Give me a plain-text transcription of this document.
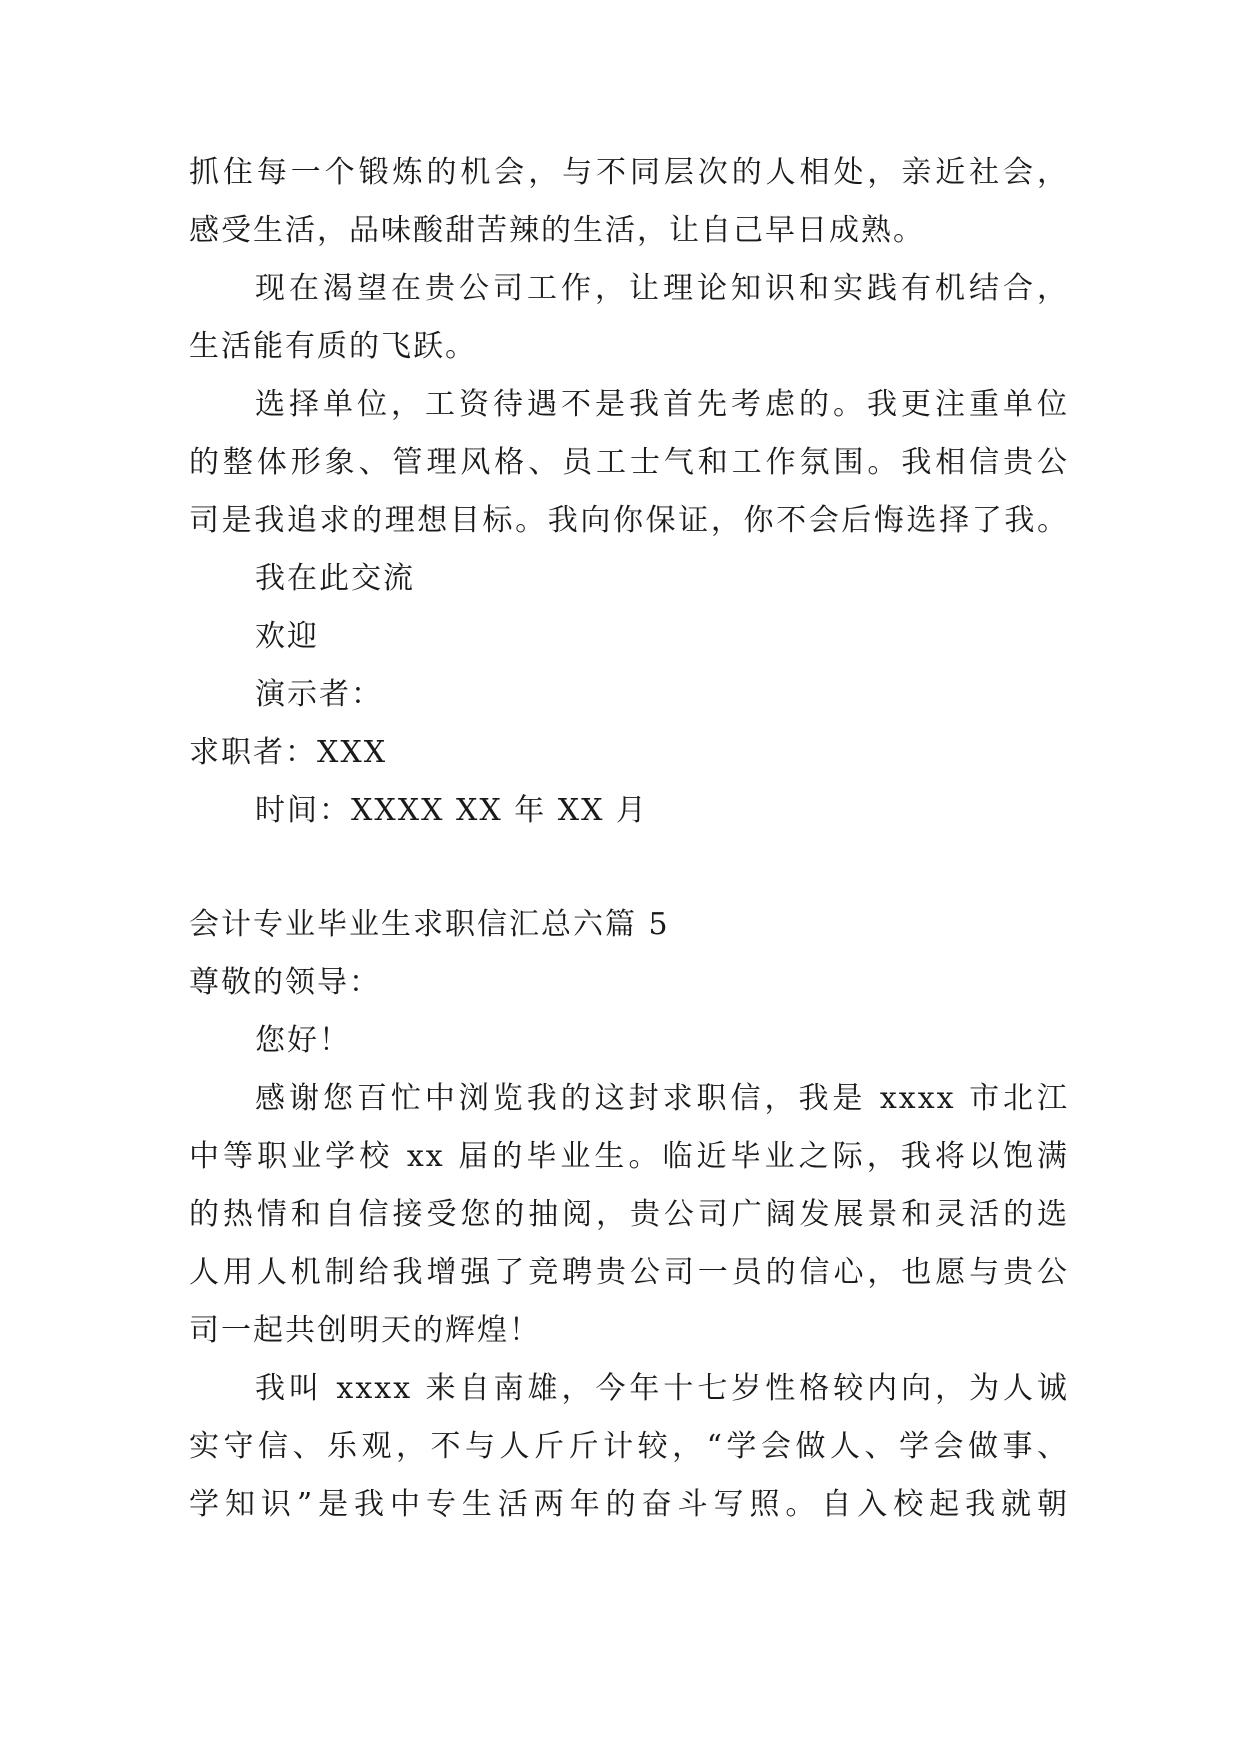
抓住每一个锻炼的机会，与不同层次的人相处，亲近社会，
感受生活，品味酸甜苦辣的生活，让自己早日成熟。
现在渴望在贵公司工作，让理论知识和实践有机结合，
生活能有质的飞跃。
选择单位，工资待遇不是我首先考虑的。我更注重单位
的整体形象、管理风格、员工士气和工作氛围。我相信贵公
司是我追求的理想目标。我向你保证，你不会后悔选择了我。
我在此交流
欢迎
演示者：
求职者：XXX
时间：XXXX XX 年 XX 月
会计专业毕业生求职信汇总六篇 5
尊敬的领导：
您好！
感谢您百忙中浏览我的这封求职信，我是 xxxx 市北江
中等职业学校 xx 届的毕业生。临近毕业之际，我将以饱满
的热情和自信接受您的抽阅，贵公司广阔发展景和灵活的选
人用人机制给我增强了竞聘贵公司一员的信心，也愿与贵公
司一起共创明天的辉煌！
我叫 xxxx 来自南雄，今年十七岁性格较内向，为人诚
实守信、乐观，不与人斤斤计较，“学会做人、学会做事、
学知识”是我中专生活两年的奋斗写照。自入校起我就朝
